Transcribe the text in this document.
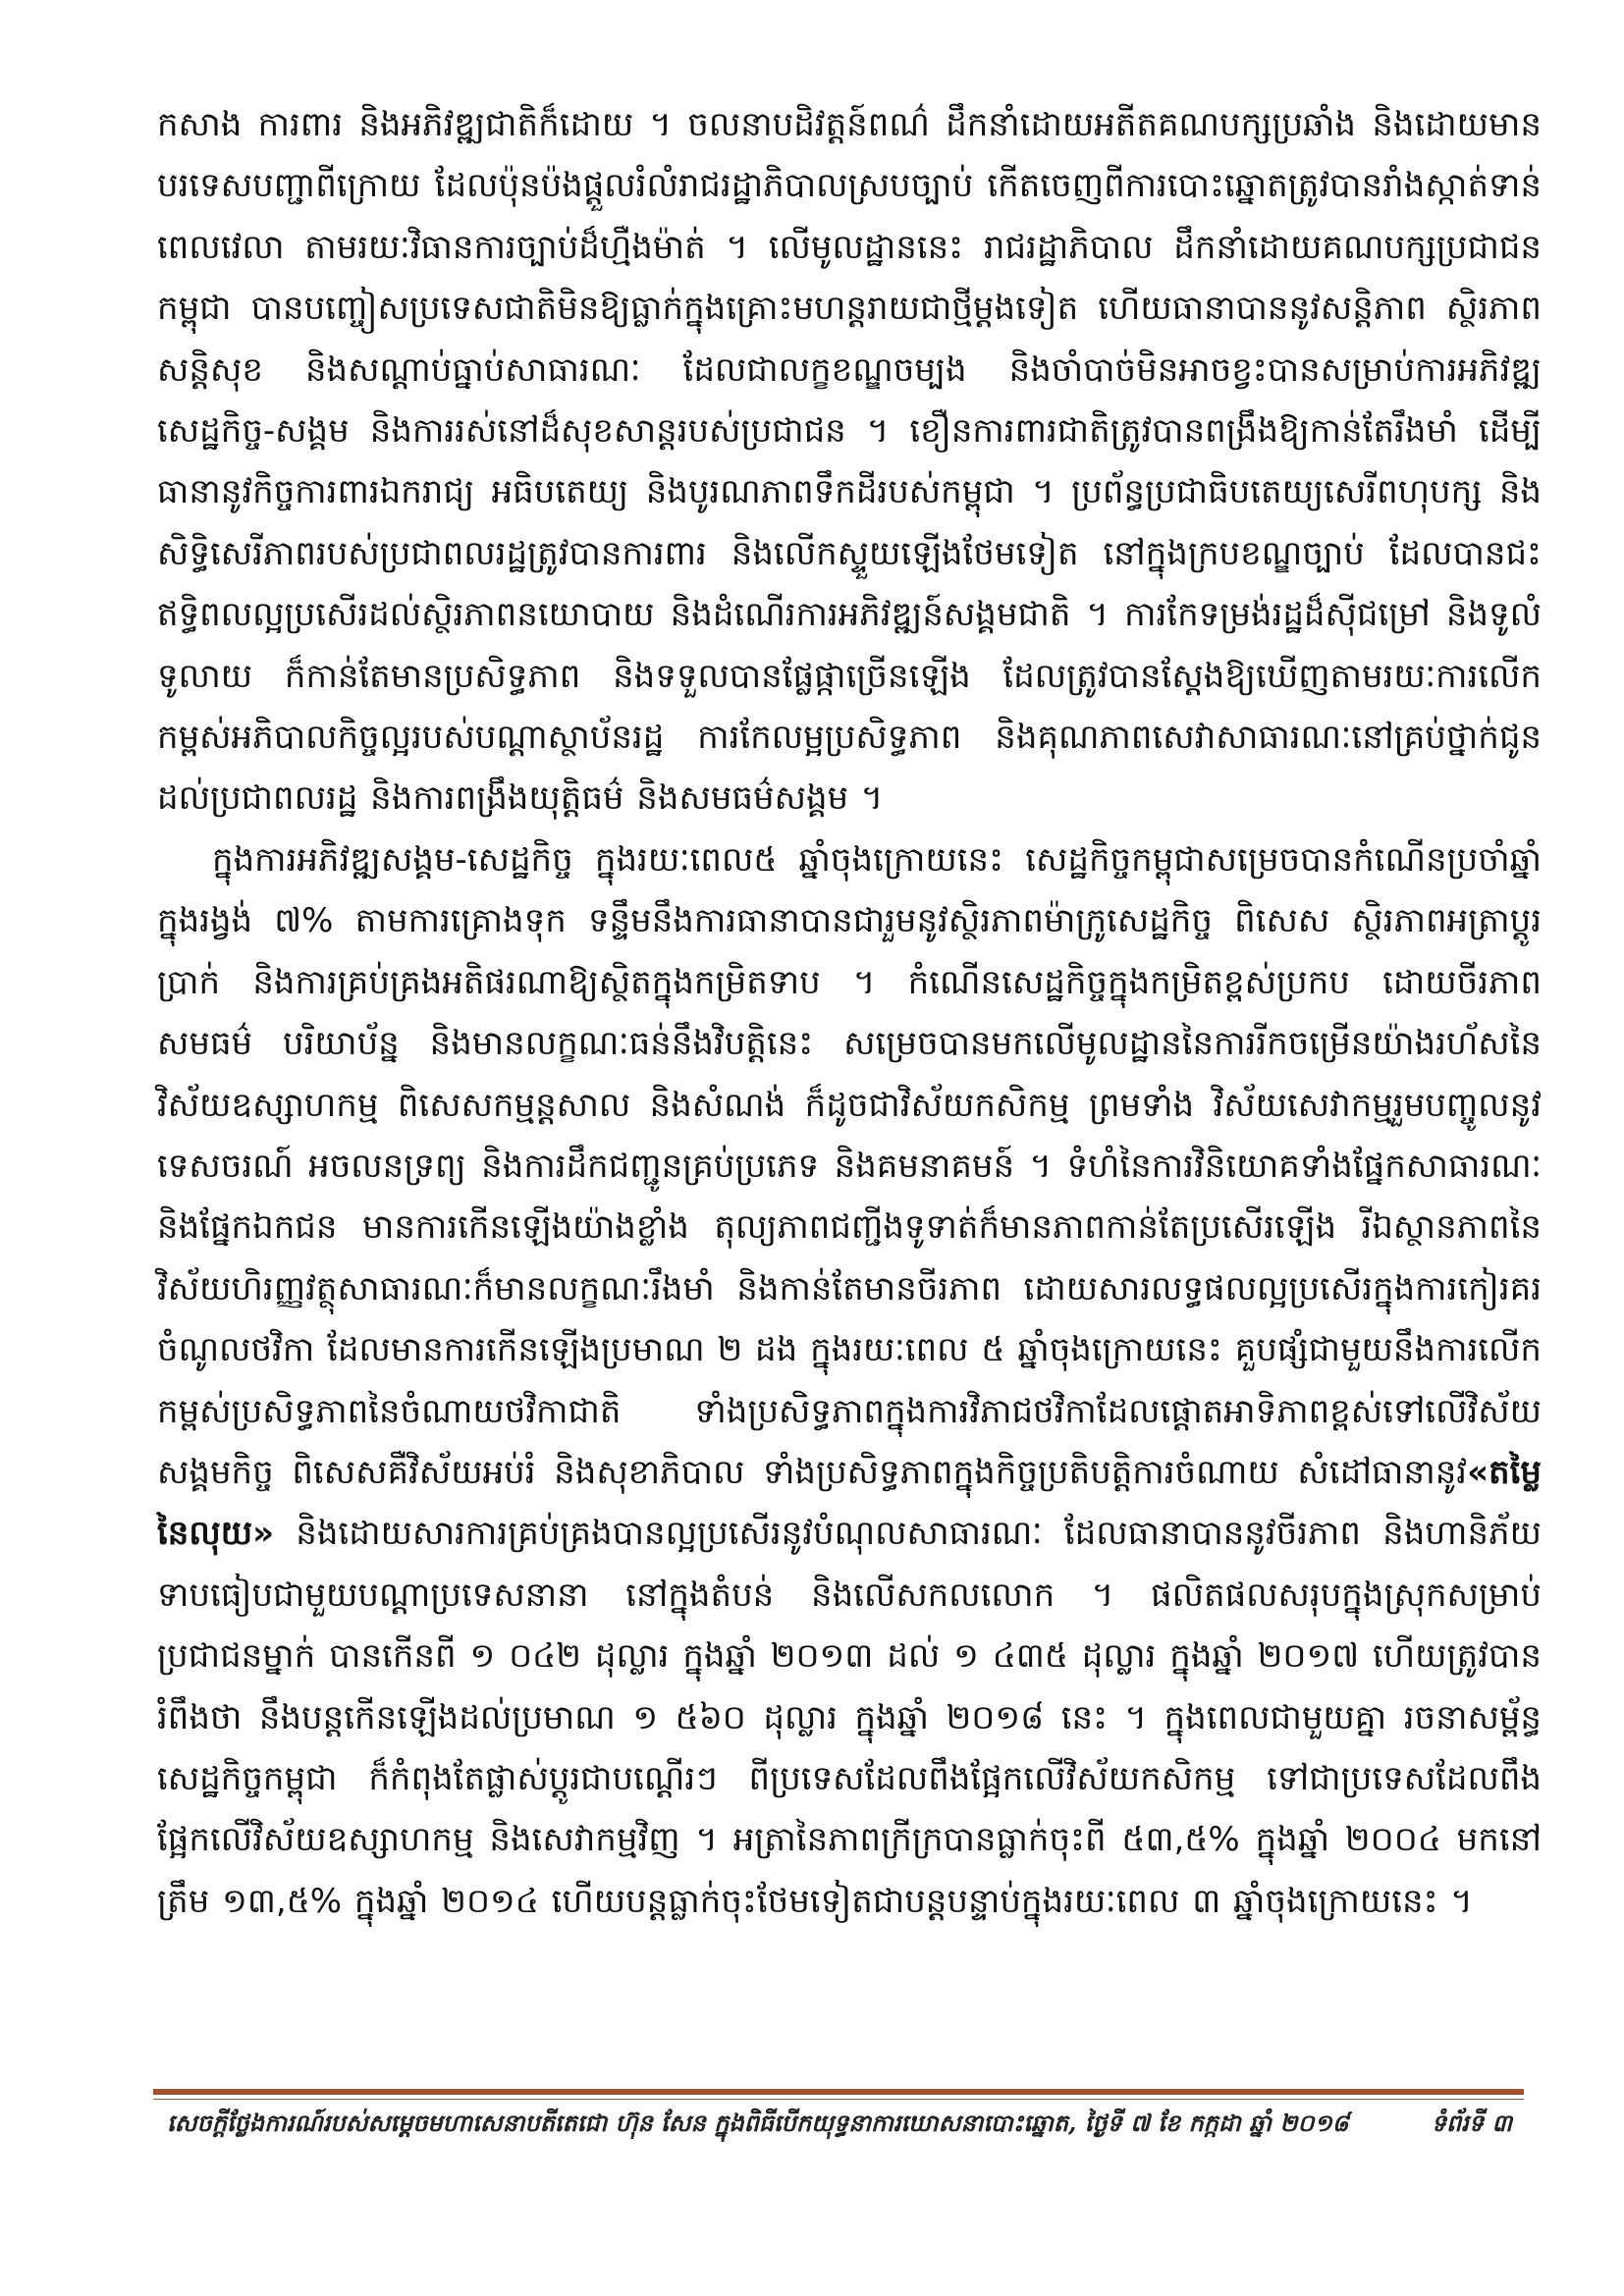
កសាង ការពារ និងអភិវឌ្ឍជាតិក៏ដោយ ។ ចលនាបដិវត្តន៍ពណ៌ ដឹកនាំដោយអតីតគណបក្សប្រឆាំង និងដោយមានបរទេសបញ្ជាពីក្រោយ ដែលប៉ុនប៉ងផ្តួលរំលំរាជរដ្ឋាភិបាលស្របច្បាប់ កើតចេញពីការបោះឆ្នោតត្រូវបានរាំងស្កាត់ទាន់ពេលវេលា តាមរយៈវិធានការច្បាប់ដ៏ហ្មឺងម៉ាត់ ។ លើមូលដ្ឋាននេះ រាជរដ្ឋាភិបាល ដឹកនាំដោយគណបក្សប្រជាជនកម្ពុជា បានបញ្ចៀសប្រទេសជាតិមិនឱ្យធ្លាក់ក្នុងគ្រោះមហន្តរាយជាថ្មីម្តងទៀត ហើយធានាបាននូវសន្តិភាព ស្ថិរភាព សន្តិសុខ និងសណ្តាប់ធ្នាប់សាធារណៈ ដែលជាលក្ខខណ្ឌចម្បង និងចាំបាច់មិនអាចខ្វះបានសម្រាប់ការអភិវឌ្ឍសេដ្ឋកិច្ច-សង្គម និងការរស់នៅដ៏សុខសាន្តរបស់ប្រជាជន ។ ខឿនការពារជាតិត្រូវបានពង្រឹងឱ្យកាន់តែរឹងមាំ ដើម្បីធានានូវកិច្ចការពារឯករាជ្យ អធិបតេយ្យ និងបូរណភាពទឹកដីរបស់កម្ពុជា ។ ប្រព័ន្ធប្រជាធិបតេយ្យសេរីពហុបក្ស និងសិទ្ធិសេរីភាពរបស់ប្រជាពលរដ្ឋត្រូវបានការពារ និងលើកស្ទួយឡើងថែមទៀត នៅក្នុងក្របខណ្ឌច្បាប់ ដែលបានជះឥទ្ធិពលល្អប្រសើរដល់ស្ថិរភាពនយោបាយ និងដំណើរការអភិវឌ្ឍន៍សង្គមជាតិ ។ ការកែទម្រង់រដ្ឋដ៏ស៊ីជម្រៅ និងទូលំទូលាយ ក៏កាន់តែមានប្រសិទ្ធភាព និងទទួលបានផ្លែផ្កាច្រើនឡើង ដែលត្រូវបានស្តែងឱ្យឃើញតាមរយៈការលើកកម្ពស់អភិបាលកិច្ចល្អរបស់បណ្តាស្ថាប័នរដ្ឋ ការកែលម្អប្រសិទ្ធភាព និងគុណភាពសេវាសាធារណៈនៅគ្រប់ថ្នាក់ជូនដល់ប្រជាពលរដ្ឋ និងការពង្រឹងយុត្តិធម៌ និងសមធម៌សង្គម ។

ក្នុងការអភិវឌ្ឍសង្គម-សេដ្ឋកិច្ច ក្នុងរយៈពេល៥ ឆ្នាំចុងក្រោយនេះ សេដ្ឋកិច្ចកម្ពុជាសម្រេចបានកំណើនប្រចាំឆ្នាំក្នុងរង្វង់ ៧% តាមការគ្រោងទុក ទន្ទឹមនឹងការធានាបានជារួមនូវស្ថិរភាពម៉ាក្រូសេដ្ឋកិច្ច ពិសេស ស្ថិរភាពអត្រាប្តូរប្រាក់ និងការគ្រប់គ្រងអតិផរណាឱ្យស្ថិតក្នុងកម្រិតទាប ។ កំណើនសេដ្ឋកិច្ចក្នុងកម្រិតខ្ពស់ប្រកប ដោយចីរភាព សមធម៌ បរិយាប័ន្ន និងមានលក្ខណៈធន់នឹងវិបត្តិនេះ សម្រេចបានមកលើមូលដ្ឋាននៃការរីកចម្រើនយ៉ាងរហ័សនៃវិស័យឧស្សាហកម្ម ពិសេសកម្មន្តសាល និងសំណង់ ក៏ដូចជាវិស័យកសិកម្ម ព្រមទាំង វិស័យសេវាកម្មរួមបញ្ចូលនូវទេសចរណ៍ អចលនទ្រព្យ និងការដឹកជញ្ជូនគ្រប់ប្រភេទ និងគមនាគមន៍ ។ ទំហំនៃការវិនិយោគទាំងផ្នែកសាធារណៈ និងផ្នែកឯកជន មានការកើនឡើងយ៉ាងខ្លាំង តុល្យភាពជញ្ជីងទូទាត់ក៏មានភាពកាន់តែប្រសើរឡើង រីឯស្ថានភាពនៃវិស័យហិរញ្ញវត្ថុសាធារណៈក៏មានលក្ខណៈរឹងមាំ និងកាន់តែមានចីរភាព ដោយសារលទ្ធផលល្អប្រសើរក្នុងការកៀរគរចំណូលថវិកា ដែលមានការកើនឡើងប្រមាណ ២ ដង ក្នុងរយៈពេល ៥ ឆ្នាំចុងក្រោយនេះ គួបផ្សំជាមួយនឹងការលើកកម្ពស់ប្រសិទ្ធភាពនៃចំណាយថវិកាជាតិ ទាំងប្រសិទ្ធភាពក្នុងការវិភាជថវិកាដែលផ្តោតអាទិភាពខ្ពស់ទៅលើវិស័យសង្គមកិច្ច ពិសេសគឺវិស័យអប់រំ និងសុខាភិបាល ទាំងប្រសិទ្ធភាពក្នុងកិច្ចប្រតិបត្តិការចំណាយ សំដៅធានានូវ«តម្លៃនៃលុយ» និងដោយសារការគ្រប់គ្រងបានល្អប្រសើរនូវបំណុលសាធារណៈ ដែលធានាបាននូវចីរភាព និងហានិភ័យទាបធៀបជាមួយបណ្តាប្រទេសនានា នៅក្នុងតំបន់ និងលើសកលលោក ។ ផលិតផលសរុបក្នុងស្រុកសម្រាប់ប្រជាជនម្នាក់ បានកើនពី ១ ០៤២ ដុល្លារ ក្នុងឆ្នាំ ២០១៣ ដល់ ១ ៤៣៥ ដុល្លារ ក្នុងឆ្នាំ ២០១៧ ហើយត្រូវបានរំពឹងថា នឹងបន្តកើនឡើងដល់ប្រមាណ ១ ៥៦០ ដុល្លារ ក្នុងឆ្នាំ ២០១៨ នេះ ។ ក្នុងពេលជាមួយគ្នា រចនាសម្ព័ន្ធសេដ្ឋកិច្ចកម្ពុជា ក៏កំពុងតែផ្លាស់ប្តូរជាបណ្តើរៗ ពីប្រទេសដែលពឹងផ្អែកលើវិស័យកសិកម្ម ទៅជាប្រទេសដែលពឹងផ្អែកលើវិស័យឧស្សាហកម្ម និងសេវាកម្មវិញ ។ អត្រានៃភាពក្រីក្របានធ្លាក់ចុះពី ៥៣,៥% ក្នុងឆ្នាំ ២០០៤ មកនៅត្រឹម ១៣,៥% ក្នុងឆ្នាំ ២០១៤ ហើយបន្តធ្លាក់ចុះថែមទៀតជាបន្តបន្ទាប់ក្នុងរយៈពេល ៣ ឆ្នាំចុងក្រោយនេះ ។

សេចក្តីថ្លែងការណ៍របស់សម្តេចមហាសេនាបតីតេជោ ហ៊ុន សែន ក្នុងពិធីបើកយុទ្ធនាការឃោសនាបោះឆ្នោត, ថ្ងៃទី ៧ ខែ កក្កដា ឆ្នាំ ២០១៨	ទំព័រទី ៣
